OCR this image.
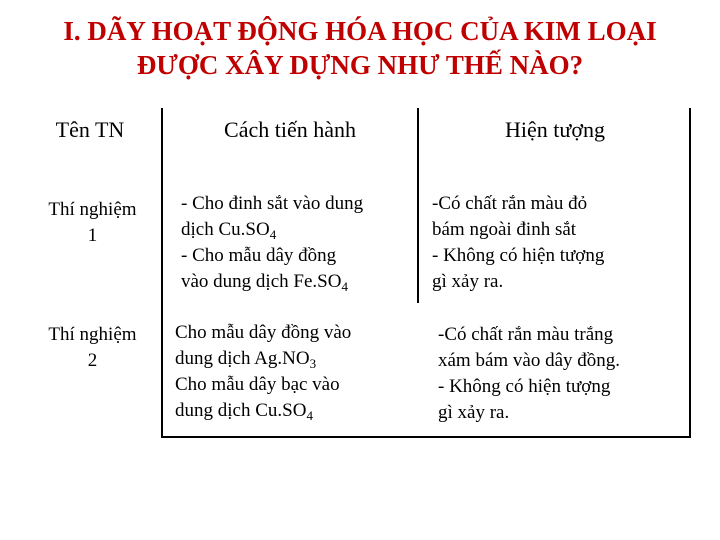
I. DÃY HOẠT ĐỘNG HÓA HỌC CỦA KIM LOẠI
ĐƯỢC XÂY DỰNG NHƯ THẾ NÀO?
Tên TN	Cách tiến hành	Hiện tượng
Thí nghiệm
1
- Cho đinh sắt vào dung
dịch $Cu.SO_4$
- Cho mẫu dây đồng
vào dung dịch $Fe.SO_4$
-Có chất rắn màu đỏ
bám ngoài đinh sắt
- Không có hiện tượng
gì xảy ra.
Thí nghiệm
2
Cho mẫu dây đồng vào
dung dịch $Ag.NO_3$
Cho mẫu dây bạc vào
dung dịch $Cu.SO_4$
-Có chất rắn màu trắng
xám bám vào dây đồng.
- Không có hiện tượng
gì xảy ra.
